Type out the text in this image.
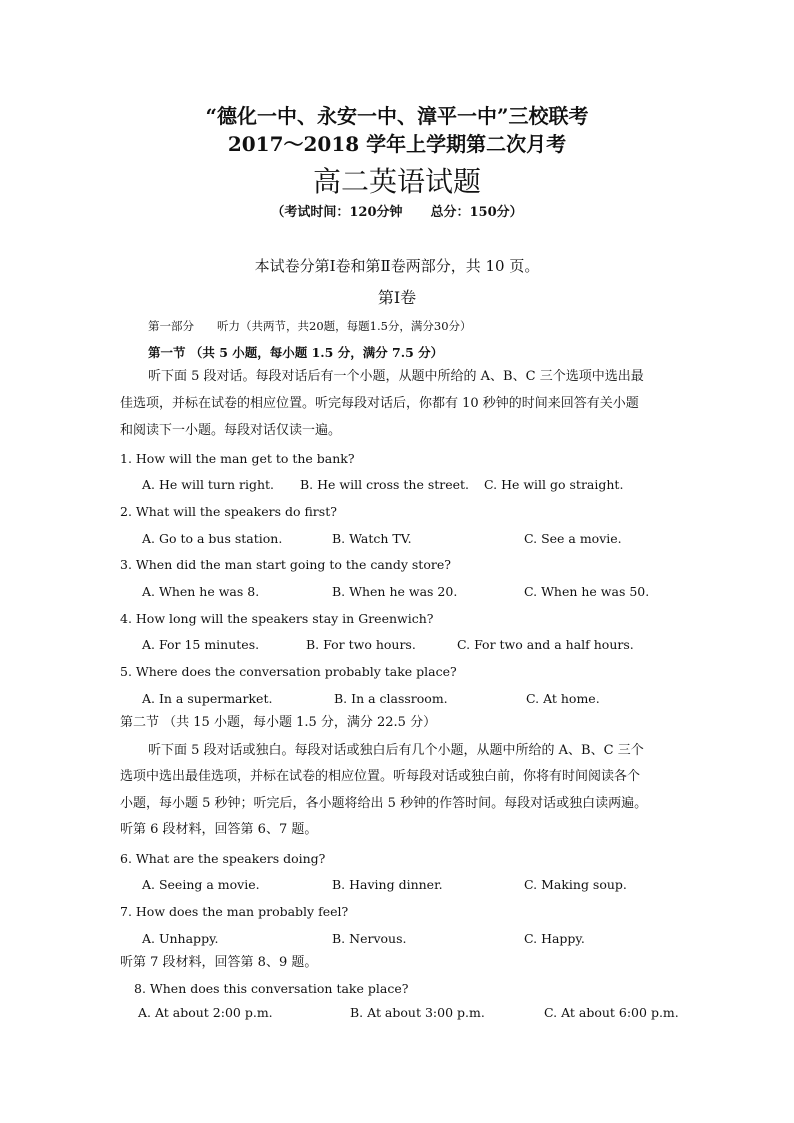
“德化一中、永安一中、漳平一中”三校联考
2017～2018 学年上学期第二次月考
高二英语试题
（考试时间：120分钟 总分：150分）
本试卷分第Ⅰ卷和第Ⅱ卷两部分，共 10 页。
第Ⅰ卷
第一部分　　听力（共两节，共20题，每题1.5分，满分30分）
第一节 （共 5 小题，每小题 1.5 分，满分 7.5 分）
听下面 5 段对话。每段对话后有一个小题，从题中所给的 A、B、C 三个选项中选出最
佳选项，并标在试卷的相应位置。听完每段对话后，你都有 10 秒钟的时间来回答有关小题
和阅读下一小题。每段对话仅读一遍。
1. How will the man get to the bank?
A. He will turn right. B. He will cross the street. C. He will go straight.
2. What will the speakers do first?
A. Go to a bus station.	B. Watch TV.	C. See a movie.
3. When did the man start going to the candy store?
A. When he was 8.	B. When he was 20.	C. When he was 50.
4. How long will the speakers stay in Greenwich?
A. For 15 minutes.	B. For two hours.	C. For two and a half hours.
5. Where does the conversation probably take place?
A. In a supermarket.	B. In a classroom.	C. At home.
第二节 （共 15 小题，每小题 1.5 分，满分 22.5 分）
听下面 5 段对话或独白。每段对话或独白后有几个小题，从题中所给的 A、B、C 三个
选项中选出最佳选项，并标在试卷的相应位置。听每段对话或独白前，你将有时间阅读各个
小题，每小题 5 秒钟；听完后，各小题将给出 5 秒钟的作答时间。每段对话或独白读两遍。
听第 6 段材料，回答第 6、7 题。
6. What are the speakers doing?
A. Seeing a movie.	B. Having dinner.	C. Making soup.
7. How does the man probably feel?
A. Unhappy.	B. Nervous.	C. Happy.
听第 7 段材料，回答第 8、9 题。
8. When does this conversation take place?
A. At about 2:00 p.m.	B. At about 3:00 p.m.	C. At about 6:00 p.m.
